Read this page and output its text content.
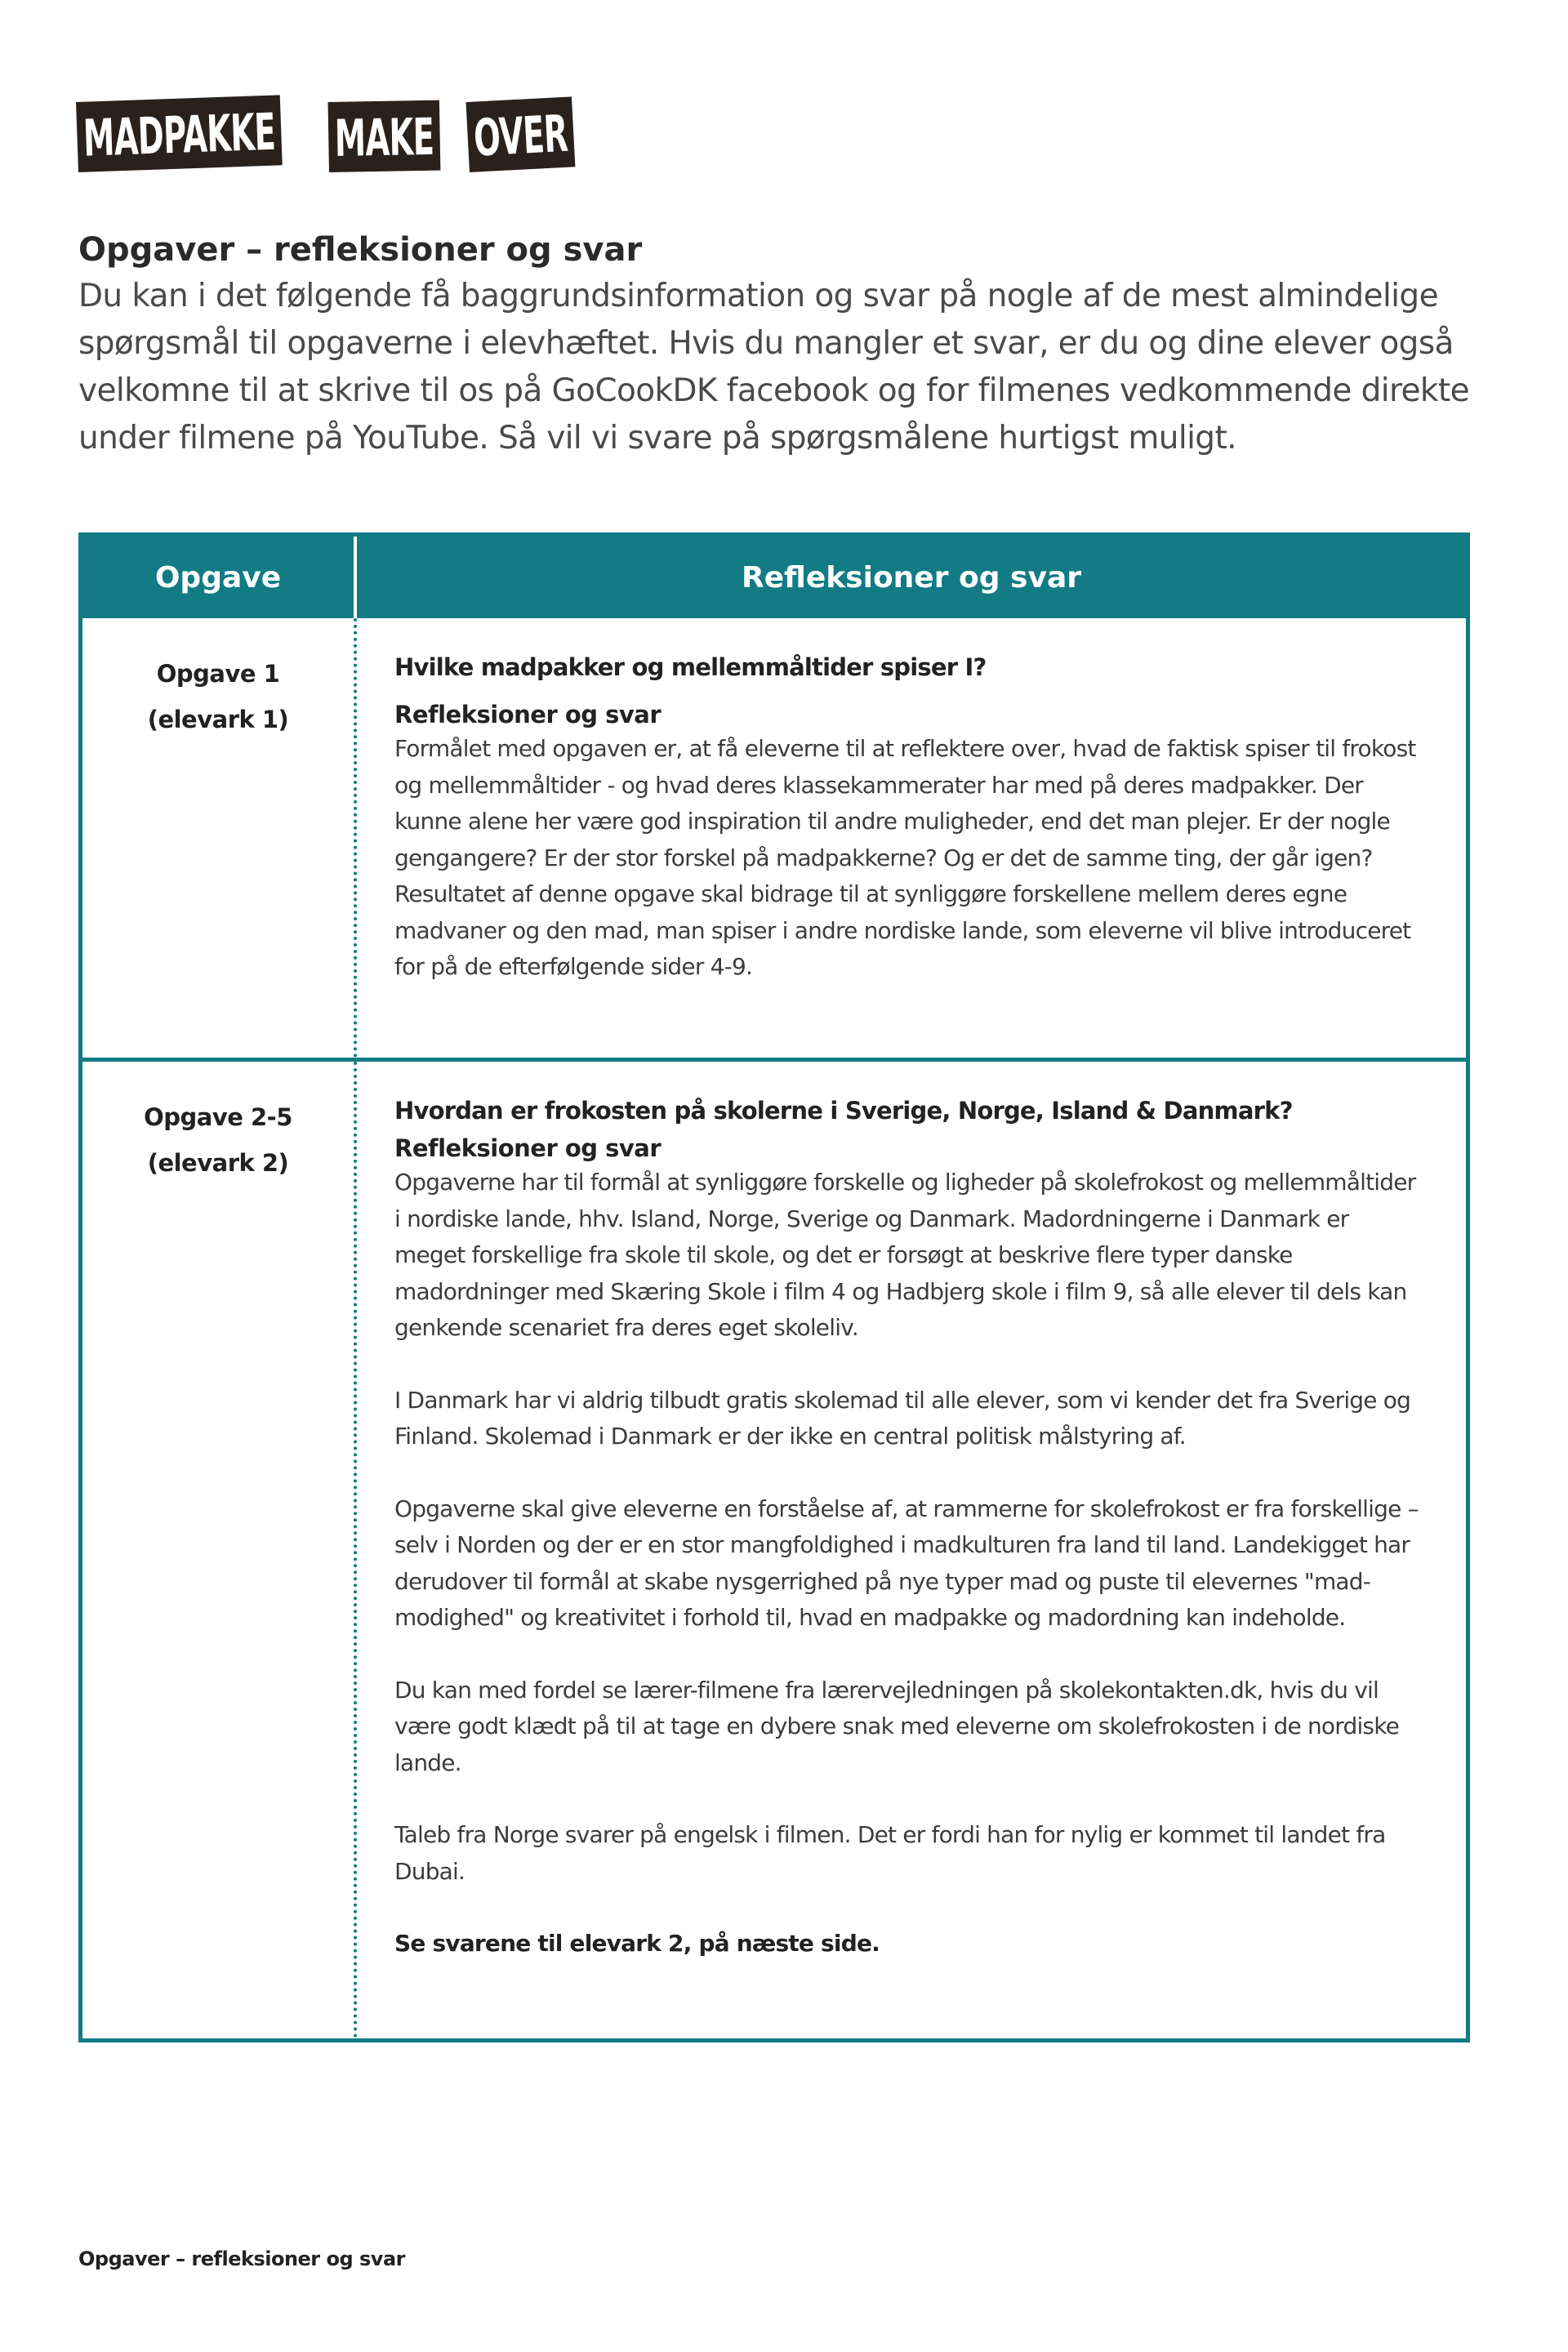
MADPAKKE MAKE OVER
Opgaver – refleksioner og svar

Du kan i det følgende få baggrundsinformation og svar på nogle af de mest almindelige spørgsmål til opgaverne i elevhæftet. Hvis du mangler et svar, er du og dine elever også velkomne til at skrive til os på GoCookDK facebook og for filmenes vedkommende direkte under filmene på YouTube. Så vil vi svare på spørgsmålene hurtigst muligt.

Opgave	Refleksioner og svar
Opgave 1
(elevark 1)

Hvilke madpakker og mellemmåltider spiser I?

Refleksioner og svar

Formålet med opgaven er, at få eleverne til at reflektere over, hvad de faktisk spiser til frokost og mellemmåltider - og hvad deres klassekammerater har med på deres madpakker. Der kunne alene her være god inspiration til andre muligheder, end det man plejer. Er der nogle gengangere? Er der stor forskel på madpakkerne? Og er det de samme ting, der går igen?

Resultatet af denne opgave skal bidrage til at synliggøre forskellene mellem deres egne madvaner og den mad, man spiser i andre nordiske lande, som eleverne vil blive introduceret for på de efterfølgende sider 4-9.

Opgave 2-5
(elevark 2)

Hvordan er frokosten på skolerne i Sverige, Norge, Island & Danmark?

Refleksioner og svar

Opgaverne har til formål at synliggøre forskelle og ligheder på skolefrokost og mellemmåltider i nordiske lande, hhv. Island, Norge, Sverige og Danmark. Madordningerne i Danmark er meget forskellige fra skole til skole, og det er forsøgt at beskrive flere typer danske madordninger med Skæring Skole i film 4 og Hadbjerg skole i film 9, så alle elever til dels kan genkende scenariet fra deres eget skoleliv.

I Danmark har vi aldrig tilbudt gratis skolemad til alle elever, som vi kender det fra Sverige og Finland. Skolemad i Danmark er der ikke en central politisk målstyring af.

Opgaverne skal give eleverne en forståelse af, at rammerne for skolefrokost er fra forskellige – selv i Norden og der er en stor mangfoldighed i madkulturen fra land til land. Landekigget har derudover til formål at skabe nysgerrighed på nye typer mad og puste til elevernes "mad-modighed" og kreativitet i forhold til, hvad en madpakke og madordning kan indeholde.

Du kan med fordel se lærer-filmene fra lærervejledningen på skolekontakten.dk, hvis du vil være godt klædt på til at tage en dybere snak med eleverne om skolefrokosten i de nordiske lande.

Taleb fra Norge svarer på engelsk i filmen. Det er fordi han for nylig er kommet til landet fra Dubai.

Se svarene til elevark 2, på næste side.

Opgaver – refleksioner og svar
